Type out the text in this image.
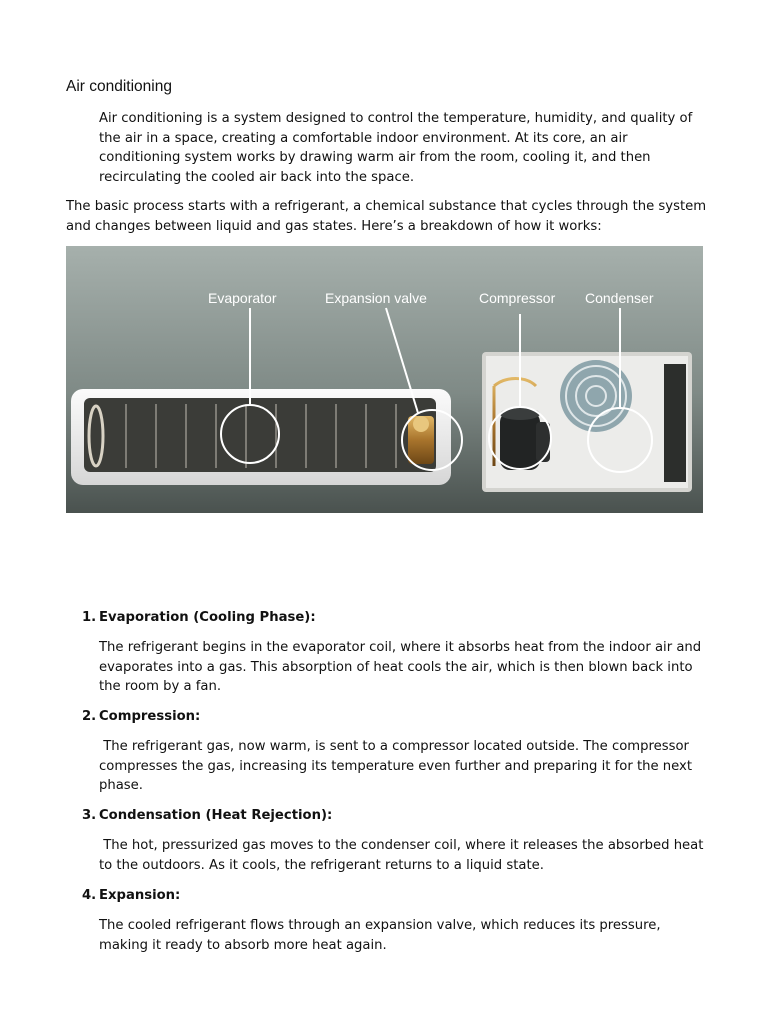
Air conditioning

Air conditioning is a system designed to control the temperature, humidity, and quality of the air in a space, creating a comfortable indoor environment. At its core, an air conditioning system works by drawing warm air from the room, cooling it, and then recirculating the cooled air back into the space.

The basic process starts with a refrigerant, a chemical substance that cycles through the system and changes between liquid and gas states. Here’s a breakdown of how it works:

Evaporator	Expansion valve	Compressor Condenser
1. Evaporation (Cooling Phase):

The refrigerant begins in the evaporator coil, where it absorbs heat from the indoor air and evaporates into a gas. This absorption of heat cools the air, which is then blown back into the room by a fan.

2. Compression:

The refrigerant gas, now warm, is sent to a compressor located outside. The compressor compresses the gas, increasing its temperature even further and preparing it for the next phase.

3. Condensation (Heat Rejection):

The hot, pressurized gas moves to the condenser coil, where it releases the absorbed heat to the outdoors. As it cools, the refrigerant returns to a liquid state.

4. Expansion:

The cooled refrigerant flows through an expansion valve, which reduces its pressure, making it ready to absorb more heat again.
